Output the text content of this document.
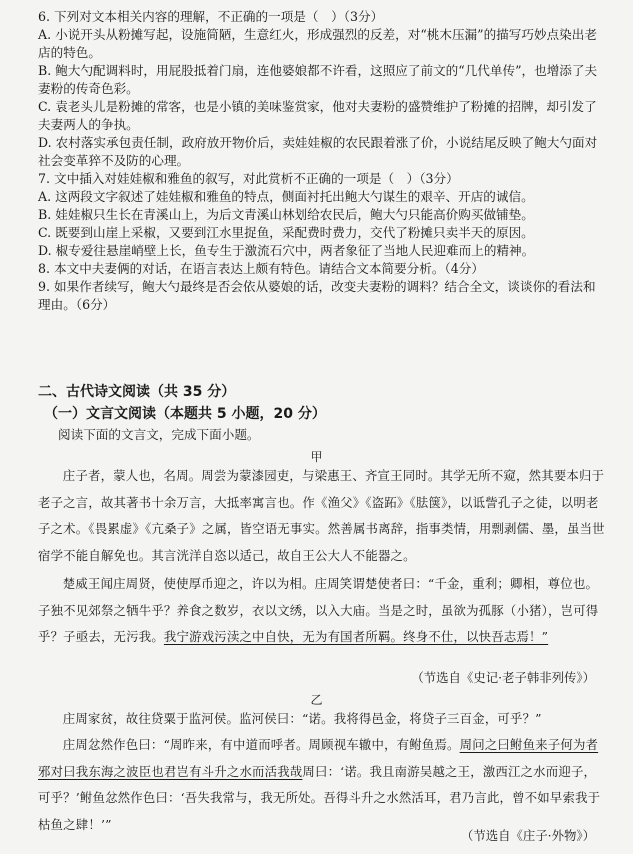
6. 下列对文本相关内容的理解，不正确的一项是（　）（3分）

A. 小说开头从粉摊写起，设施简陋，生意红火，形成强烈的反差，对“桃木压漏”的描写巧妙点染出老店的特色。

B. 鲍大勺配调料时，用屁股抵着门扇，连他婆娘都不许看，这照应了前文的“几代单传”，也增添了夫妻粉的传奇色彩。

C. 袁老头儿是粉摊的常客，也是小镇的美味鉴赏家，他对夫妻粉的盛赞维护了粉摊的招牌，却引发了夫妻两人的争执。

D. 农村落实承包责任制，政府放开物价后，卖娃娃椒的农民跟着涨了价，小说结尾反映了鲍大勺面对社会变革猝不及防的心理。

7. 文中插入对娃娃椒和雅鱼的叙写，对此赏析不正确的一项是（　）（3分）

A. 这两段文字叙述了娃娃椒和雅鱼的特点，侧面衬托出鲍大勺谋生的艰辛、开店的诚信。

B. 娃娃椒只生长在青溪山上，为后文青溪山林划给农民后，鲍大勺只能高价购买做铺垫。

C. 既要到山崖上采椒，又要到江水里捉鱼，采配费时费力，交代了粉摊只卖半天的原因。

D. 椒专爱往悬崖峭壁上长，鱼专生于激流石穴中，两者象征了当地人民迎难而上的精神。

8. 本文中夫妻俩的对话，在语言表达上颇有特色。请结合文本简要分析。（4分）

9. 如果作者续写，鲍大勺最终是否会依从婆娘的话，改变夫妻粉的调料？结合全文，谈谈你的看法和理由。（6分）

二、古代诗文阅读（共 35 分）
（一）文言文阅读（本题共 5 小题，20 分）
阅读下面的文言文，完成下面小题。
甲

庄子者，蒙人也，名周。周尝为蒙漆园吏，与梁惠王、齐宣王同时。其学无所不窥，然其要本归于老子之言，故其著书十余万言，大抵率寓言也。作《渔父》《盗跖》《胠箧》，以诋訾孔子之徒，以明老子之术。《畏累虚》《亢桑子》之属，皆空语无事实。然善属书离辞，指事类情，用剽剥儒、墨，虽当世宿学不能自解免也。其言洸洋自恣以适己，故自王公大人不能器之。

楚威王闻庄周贤，使使厚币迎之，许以为相。庄周笑谓楚使者曰：“千金，重利；卿相，尊位也。子独不见郊祭之牺牛乎？养食之数岁，衣以文绣，以入大庙。当是之时，虽欲为孤豚（小猪），岂可得乎？子亟去，无污我。我宁游戏污渎之中自快，无为有国者所羁。终身不仕，以快吾志焉！”

（节选自《史记·老子韩非列传》）
乙

庄周家贫，故往贷粟于监河侯。监河侯曰：“诺。我将得邑金，将贷子三百金，可乎？”

庄周忿然作色曰：“周昨来，有中道而呼者。周顾视车辙中，有鲋鱼焉。周问之曰鲋鱼来子何为者邪对曰我东海之波臣也君岂有斗升之水而活我哉周曰：‘诺。我且南游吴越之王，激西江之水而迎子，可乎？’鲋鱼忿然作色曰：‘吾失我常与，我无所处。吾得斗升之水然活耳，君乃言此，曾不如早索我于枯鱼之肆！’”

（节选自《庄子·外物》）
